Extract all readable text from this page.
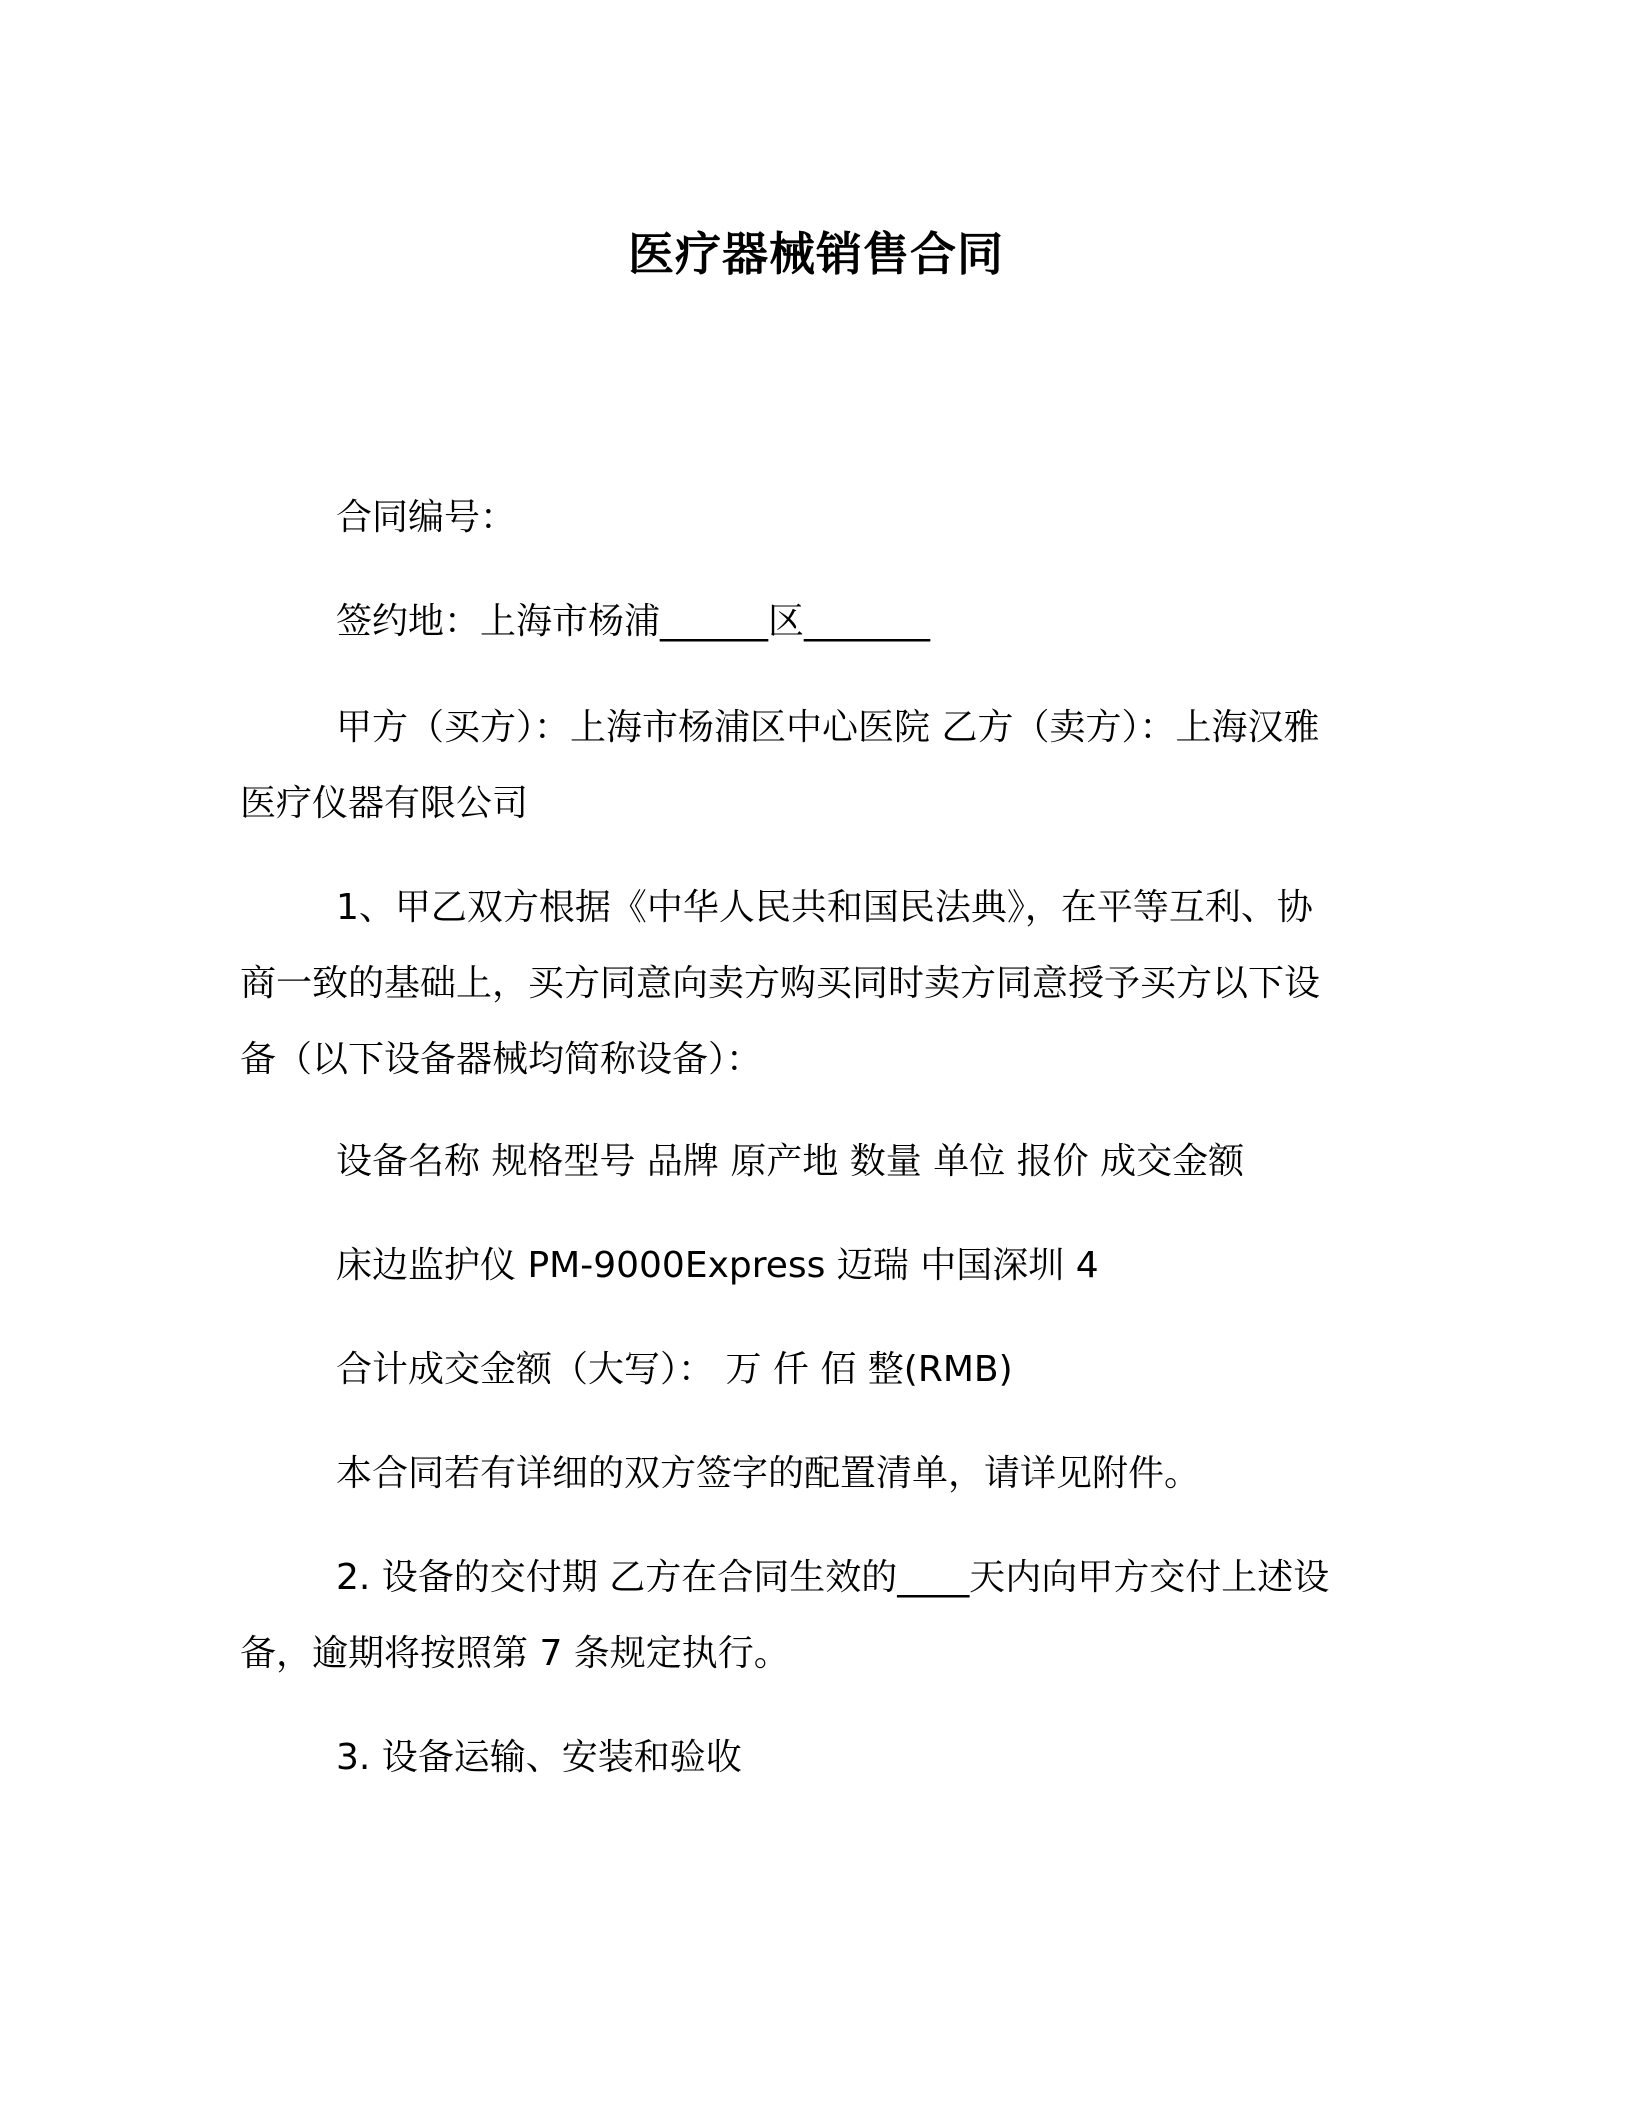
医疗器械销售合同
合同编号：
签约地：上海市杨浦______区_______
甲方（买方）：上海市杨浦区中心医院 乙方（卖方）：上海汉雅
医疗仪器有限公司
1、甲乙双方根据《中华人民共和国民法典》，在平等互利、协
商一致的基础上，买方同意向卖方购买同时卖方同意授予买方以下设
备（以下设备器械均简称设备）：
设备名称 规格型号 品牌 原产地 数量 单位 报价 成交金额
床边监护仪 PM-9000Express 迈瑞 中国深圳 4
合计成交金额（大写）： 万 仟 佰 整(RMB)
本合同若有详细的双方签字的配置清单，请详见附件。
2. 设备的交付期 乙方在合同生效的____天内向甲方交付上述设
备，逾期将按照第 7 条规定执行。
3. 设备运输、安装和验收
